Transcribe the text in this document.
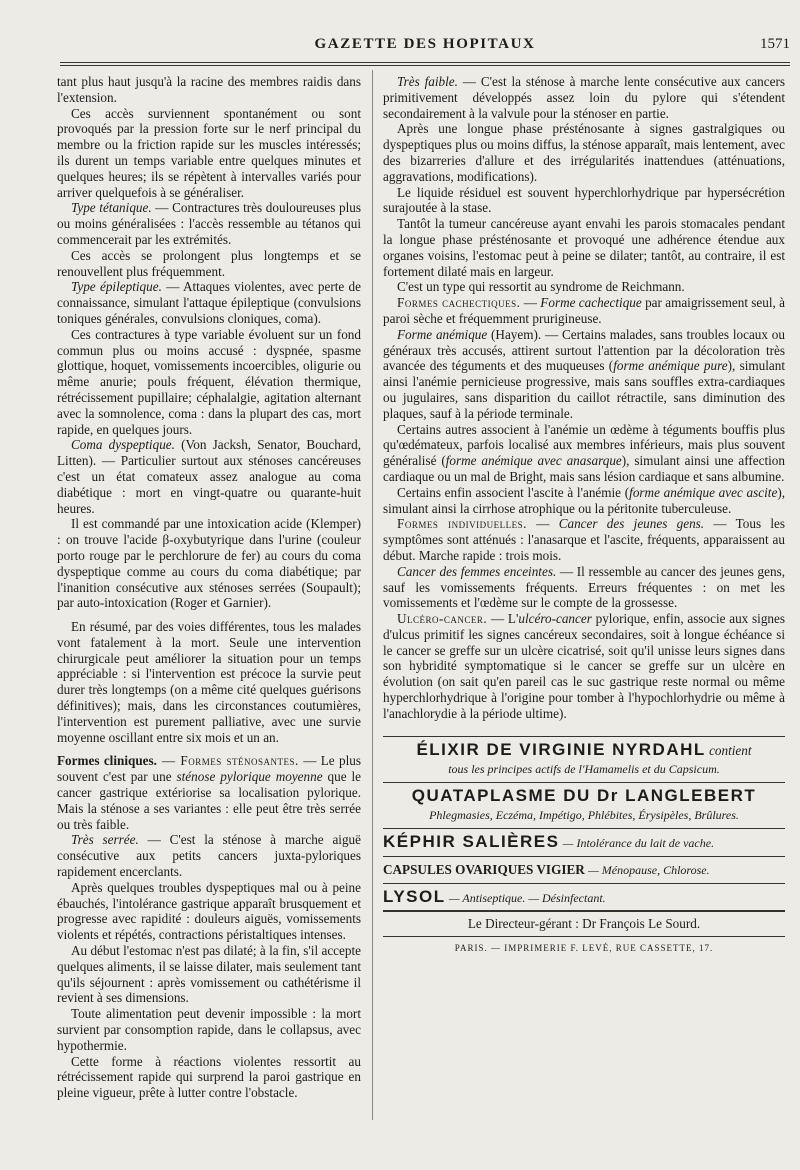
GAZETTE DES HOPITAUX	1571

tant plus haut jusqu'à la racine des membres raidis dans l'extension.

Ces accès surviennent spontanément ou sont provoqués par la pression forte sur le nerf principal du membre ou la friction rapide sur les muscles intéressés; ils durent un temps variable entre quelques minutes et quelques heures; ils se répètent à intervalles variés pour arriver quelquefois à se généraliser.

Type tétanique. — Contractures très douloureuses plus ou moins généralisées : l'accès ressemble au tétanos qui commencerait par les extrémités.

Ces accès se prolongent plus longtemps et se renouvellent plus fréquemment.

Type épileptique. — Attaques violentes, avec perte de connaissance, simulant l'attaque épileptique (convulsions toniques générales, convulsions cloniques, coma).

Ces contractures à type variable évoluent sur un fond commun plus ou moins accusé : dyspnée, spasme glottique, hoquet, vomissements incoercibles, oligurie ou même anurie; pouls fréquent, élévation thermique, rétrécissement pupillaire; céphalalgie, agitation alternant avec la somnolence, coma : dans la plupart des cas, mort rapide, en quelques jours.

Coma dyspeptique. (Von Jacksh, Senator, Bouchard, Litten). — Particulier surtout aux sténoses cancéreuses c'est un état comateux assez analogue au coma diabétique : mort en vingt-quatre ou quarante-huit heures.

Il est commandé par une intoxication acide (Klemper) : on trouve l'acide β-oxybutyrique dans l'urine (couleur porto rouge par le perchlorure de fer) au cours du coma dyspeptique comme au cours du coma diabétique; par l'inanition consécutive aux sténoses serrées (Soupault); par auto-intoxication (Roger et Garnier).

En résumé, par des voies différentes, tous les malades vont fatalement à la mort. Seule une intervention chirurgicale peut améliorer la situation pour un temps appréciable : si l'intervention est précoce la survie peut durer très longtemps (on a même cité quelques guérisons définitives); mais, dans les circonstances coutumières, l'intervention est purement palliative, avec une survie moyenne oscillant entre six mois et un an.

Formes cliniques. — Formes sténosantes. — Le plus souvent c'est par une sténose pylorique moyenne que le cancer gastrique extériorise sa localisation pylorique. Mais la sténose a ses variantes : elle peut être très serrée ou très faible.

Très serrée. — C'est la sténose à marche aiguë consécutive aux petits cancers juxta-pyloriques rapidement encerclants.

Après quelques troubles dyspeptiques mal ou à peine ébauchés, l'intolérance gastrique apparaît brusquement et progresse avec rapidité : douleurs aiguës, vomissements violents et répétés, contractions péristaltiques intenses.

Au début l'estomac n'est pas dilaté; à la fin, s'il accepte quelques aliments, il se laisse dilater, mais seulement tant qu'ils séjournent : après vomissement ou cathétérisme il revient à ses dimensions.

Toute alimentation peut devenir impossible : la mort survient par consomption rapide, dans le collapsus, avec hypothermie.

Cette forme à réactions violentes ressortit au rétrécissement rapide qui surprend la paroi gastrique en pleine vigueur, prête à lutter contre l'obstacle.

Très faible. — C'est la sténose à marche lente consécutive aux cancers primitivement développés assez loin du pylore qui s'étendent secondairement à la valvule pour la sténoser en partie.

Après une longue phase présténosante à signes gastralgiques ou dyspeptiques plus ou moins diffus, la sténose apparaît, mais lentement, avec des bizarreries d'allure et des irrégularités inattendues (atténuations, aggravations, modifications).

Le liquide résiduel est souvent hyperchlorhydrique par hypersécrétion surajoutée à la stase.

Tantôt la tumeur cancéreuse ayant envahi les parois stomacales pendant la longue phase présténosante et provoqué une adhérence étendue aux organes voisins, l'estomac peut à peine se dilater; tantôt, au contraire, il est fortement dilaté mais en largeur.

C'est un type qui ressortit au syndrome de Reichmann.

Formes cachectiques. — Forme cachectique par amaigrissement seul, à paroi sèche et fréquemment prurigineuse.

Forme anémique (Hayem). — Certains malades, sans troubles locaux ou généraux très accusés, attirent surtout l'attention par la décoloration très avancée des téguments et des muqueuses (forme anémique pure), simulant ainsi l'anémie pernicieuse progressive, mais sans souffles extra-cardiaques ou jugulaires, sans disparition du caillot rétractile, sans diminution des plaques, sauf à la période terminale.

Certains autres associent à l'anémie un œdème à téguments bouffis plus qu'œdémateux, parfois localisé aux membres inférieurs, mais plus souvent généralisé (forme anémique avec anasarque), simulant ainsi une affection cardiaque ou un mal de Bright, mais sans lésion cardiaque et sans albumine.

Certains enfin associent l'ascite à l'anémie (forme anémique avec ascite), simulant ainsi la cirrhose atrophique ou la péritonite tuberculeuse.

Formes individuelles. — Cancer des jeunes gens. — Tous les symptômes sont atténués : l'anasarque et l'ascite, fréquents, apparaissent au début. Marche rapide : trois mois.

Cancer des femmes enceintes. — Il ressemble au cancer des jeunes gens, sauf les vomissements fréquents. Erreurs fréquentes : on met les vomissements et l'œdème sur le compte de la grossesse.

Ulcéro-cancer. — L'ulcéro-cancer pylorique, enfin, associe aux signes d'ulcus primitif les signes cancéreux secondaires, soit à longue échéance si le cancer se greffe sur un ulcère cicatrisé, soit qu'il unisse leurs signes dans son hybridité symptomatique si le cancer se greffe sur un ulcère en évolution (on sait qu'en pareil cas le suc gastrique reste normal ou même hyperchlorhydrique à l'origine pour tomber à l'hypochlorhydrie ou même à l'anachlorydie à la période ultime).

ÉLIXIR DE VIRGINIE NYRDAHL contient
tous les principes actifs de l'Hamamelis et du Capsicum.
QUATAPLASME DU Dr LANGLEBERT
Phlegmasies, Eczéma, Impétigo, Phlébites, Érysipèles, Brûlures.
KÉPHIR SALIÈRES — Intolérance du lait de vache.
CAPSULES OVARIQUES VIGIER — Ménopause, Chlorose.
LYSOL — Antiseptique. — Désinfectant.
Le Directeur-gérant : Dr François Le Sourd.
PARIS. — IMPRIMERIE F. LEVÉ, RUE CASSETTE, 17.
